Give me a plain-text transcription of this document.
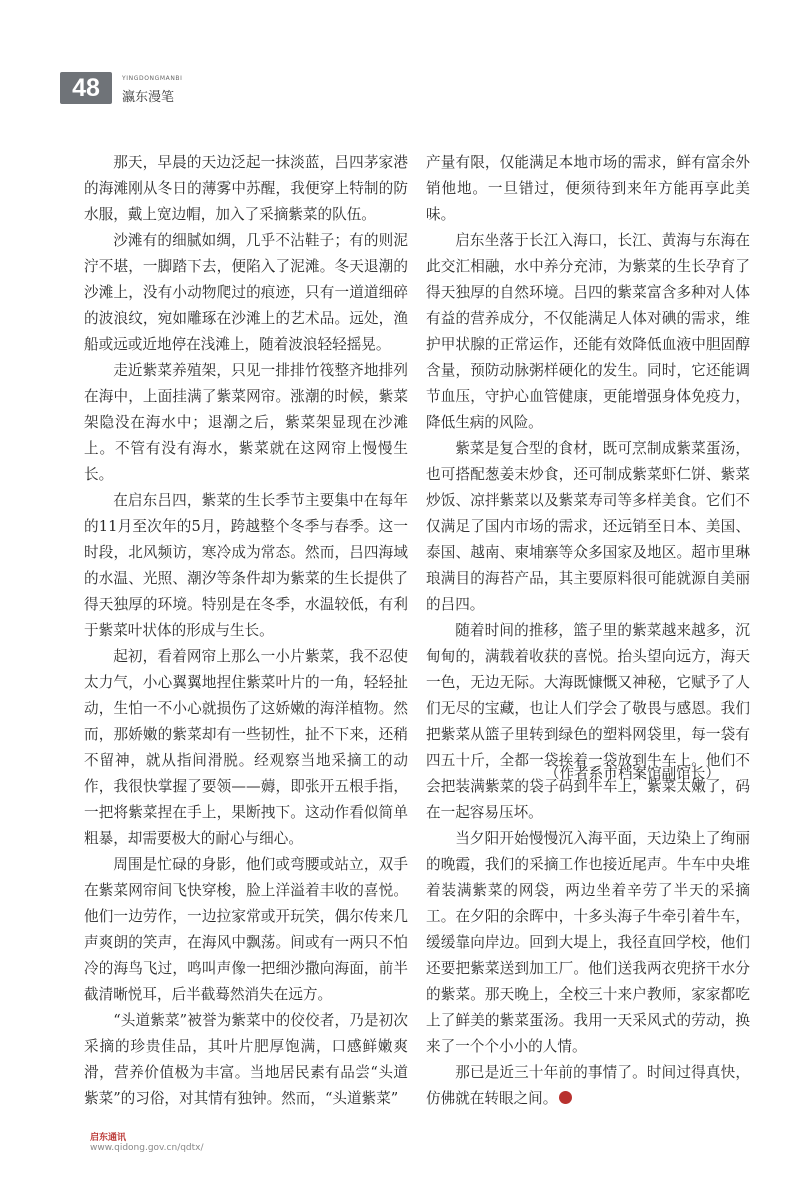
48	YINGDONGMANBI
瀛东漫笔

那天，早晨的天边泛起一抹淡蓝，吕四茅家港的海滩刚从冬日的薄雾中苏醒，我便穿上特制的防水服，戴上宽边帽，加入了采摘紫菜的队伍。

沙滩有的细腻如绸，几乎不沾鞋子；有的则泥泞不堪，一脚踏下去，便陷入了泥滩。冬天退潮的沙滩上，没有小动物爬过的痕迹，只有一道道细碎的波浪纹，宛如雕琢在沙滩上的艺术品。远处，渔船或远或近地停在浅滩上，随着波浪轻轻摇晃。

走近紫菜养殖架，只见一排排竹筏整齐地排列在海中，上面挂满了紫菜网帘。涨潮的时候，紫菜架隐没在海水中；退潮之后，紫菜架显现在沙滩上。不管有没有海水，紫菜就在这网帘上慢慢生长。

在启东吕四，紫菜的生长季节主要集中在每年的11月至次年的5月，跨越整个冬季与春季。这一时段，北风频访，寒冷成为常态。然而，吕四海域的水温、光照、潮汐等条件却为紫菜的生长提供了得天独厚的环境。特别是在冬季，水温较低，有利于紫菜叶状体的形成与生长。

起初，看着网帘上那么一小片紫菜，我不忍使太力气，小心翼翼地捏住紫菜叶片的一角，轻轻扯动，生怕一不小心就损伤了这娇嫩的海洋植物。然而，那娇嫩的紫菜却有一些韧性，扯不下来，还稍不留神，就从指间滑脱。经观察当地采摘工的动作，我很快掌握了要领——薅，即张开五根手指，一把将紫菜捏在手上，果断拽下。这动作看似简单粗暴，却需要极大的耐心与细心。

周围是忙碌的身影，他们或弯腰或站立，双手在紫菜网帘间飞快穿梭，脸上洋溢着丰收的喜悦。他们一边劳作，一边拉家常或开玩笑，偶尔传来几声爽朗的笑声，在海风中飘荡。间或有一两只不怕冷的海鸟飞过，鸣叫声像一把细沙撒向海面，前半截清晰悦耳，后半截蓦然消失在远方。

“头道紫菜”被誉为紫菜中的佼佼者，乃是初次采摘的珍贵佳品，其叶片肥厚饱满，口感鲜嫩爽滑，营养价值极为丰富。当地居民素有品尝“头道紫菜”的习俗，对其情有独钟。然而，“头道紫菜”

产量有限，仅能满足本地市场的需求，鲜有富余外销他地。一旦错过，便须待到来年方能再享此美味。

启东坐落于长江入海口，长江、黄海与东海在此交汇相融，水中养分充沛，为紫菜的生长孕育了得天独厚的自然环境。吕四的紫菜富含多种对人体有益的营养成分，不仅能满足人体对碘的需求，维护甲状腺的正常运作，还能有效降低血液中胆固醇含量，预防动脉粥样硬化的发生。同时，它还能调节血压，守护心血管健康，更能增强身体免疫力，降低生病的风险。

紫菜是复合型的食材，既可烹制成紫菜蛋汤，也可搭配葱姜末炒食，还可制成紫菜虾仁饼、紫菜炒饭、凉拌紫菜以及紫菜寿司等多样美食。它们不仅满足了国内市场的需求，还远销至日本、美国、泰国、越南、柬埔寨等众多国家及地区。超市里琳琅满目的海苔产品，其主要原料很可能就源自美丽的吕四。

随着时间的推移，篮子里的紫菜越来越多，沉甸甸的，满载着收获的喜悦。抬头望向远方，海天一色，无边无际。大海既慷慨又神秘，它赋予了人们无尽的宝藏，也让人们学会了敬畏与感恩。我们把紫菜从篮子里转到绿色的塑料网袋里，每一袋有四五十斤，全都一袋挨着一袋放到牛车上。他们不会把装满紫菜的袋子码到牛车上，紫菜太嫩了，码在一起容易压坏。

当夕阳开始慢慢沉入海平面，天边染上了绚丽的晚霞，我们的采摘工作也接近尾声。牛车中央堆着装满紫菜的网袋，两边坐着辛劳了半天的采摘工。在夕阳的余晖中，十多头海子牛牵引着牛车，缓缓靠向岸边。回到大堤上，我径直回学校，他们还要把紫菜送到加工厂。他们送我两衣兜挤干水分的紫菜。那天晚上，全校三十来户教师，家家都吃上了鲜美的紫菜蛋汤。我用一天采风式的劳动，换来了一个个小小的人情。

那已是近三十年前的事情了。时间过得真快，仿佛就在转眼之间。

（作者系市档案馆副馆长）
启东通讯
www.qidong.gov.cn/qdtx/
